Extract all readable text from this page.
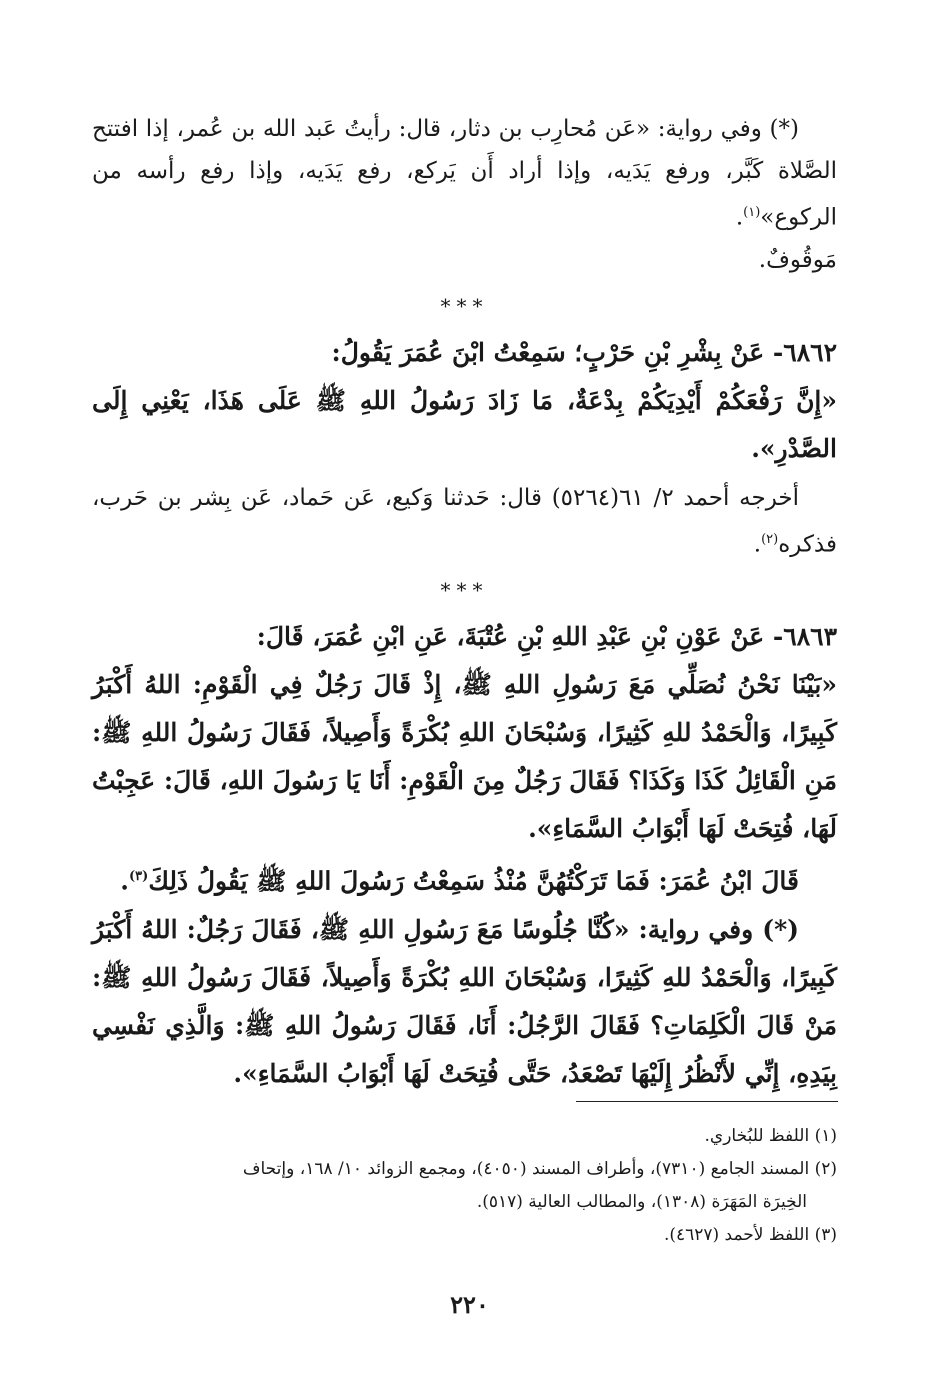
(*) وفي رواية: «عَن مُحارِب بن دثار، قال: رأيتُ عَبد الله بن عُمر، إذا افتتح الصَّلاة كَبَّر، ورفع يَدَيه، وإذا أراد أَن يَركع، رفع يَدَيه، وإذا رفع رأسه من الركوع»$^{(١)}$.

مَوقُوفٌ.

***

٦٨٦٢- عَنْ بِشْرِ بْنِ حَرْبٍ؛ سَمِعْتُ ابْنَ عُمَرَ يَقُولُ:

«إِنَّ رَفْعَكُمْ أَيْدِيَكُمْ بِدْعَةٌ، مَا زَادَ رَسُولُ اللهِ ﷺ عَلَى هَذَا، يَعْنِي إِلَى الصَّدْرِ».

أخرجه أحمد ٢/ ٦١(٥٢٦٤) قال: حَدثنا وَكيع، عَن حَماد، عَن بِشر بن حَرب، فذكره$^{(٢)}$.

***

٦٨٦٣- عَنْ عَوْنِ بْنِ عَبْدِ اللهِ بْنِ عُتْبَةَ، عَنِ ابْنِ عُمَرَ، قَالَ:

«بَيْنَا نَحْنُ نُصَلِّي مَعَ رَسُولِ اللهِ ﷺ، إِذْ قَالَ رَجُلٌ فِي الْقَوْمِ: اللهُ أَكْبَرُ كَبِيرًا، وَالْحَمْدُ للهِ كَثِيرًا، وَسُبْحَانَ اللهِ بُكْرَةً وَأَصِيلاً، فَقَالَ رَسُولُ اللهِ ﷺ: مَنِ الْقَائِلُ كَذَا وَكَذَا؟ فَقَالَ رَجُلٌ مِنَ الْقَوْمِ: أَنَا يَا رَسُولَ اللهِ، قَالَ: عَجِبْتُ لَهَا، فُتِحَتْ لَهَا أَبْوَابُ السَّمَاءِ».

قَالَ ابْنُ عُمَرَ: فَمَا تَرَكْتُهُنَّ مُنْذُ سَمِعْتُ رَسُولَ اللهِ ﷺ يَقُولُ ذَلِكَ$^{(٣)}$.

(*) وفي رواية: «كُنَّا جُلُوسًا مَعَ رَسُولِ اللهِ ﷺ، فَقَالَ رَجُلٌ: اللهُ أَكْبَرُ كَبِيرًا، وَالْحَمْدُ للهِ كَثِيرًا، وَسُبْحَانَ اللهِ بُكْرَةً وَأَصِيلاً، فَقَالَ رَسُولُ اللهِ ﷺ: مَنْ قَالَ الْكَلِمَاتِ؟ فَقَالَ الرَّجُلُ: أَنَا، فَقَالَ رَسُولُ اللهِ ﷺ: وَالَّذِي نَفْسِي بِيَدِهِ، إِنِّي لأَنْظُرُ إِلَيْهَا تَصْعَدُ، حَتَّى فُتِحَتْ لَهَا أَبْوَابُ السَّمَاءِ».

(١) اللفظ للبُخاري.

(٢) المسند الجامع (٧٣١٠)، وأطراف المسند (٤٠٥٠)، ومجمع الزوائد ١٠/ ١٦٨، وإتحاف

الخِيرَة المَهَرَة (١٣٠٨)، والمطالب العالية (٥١٧).

(٣) اللفظ لأحمد (٤٦٢٧).

٢٢٠
